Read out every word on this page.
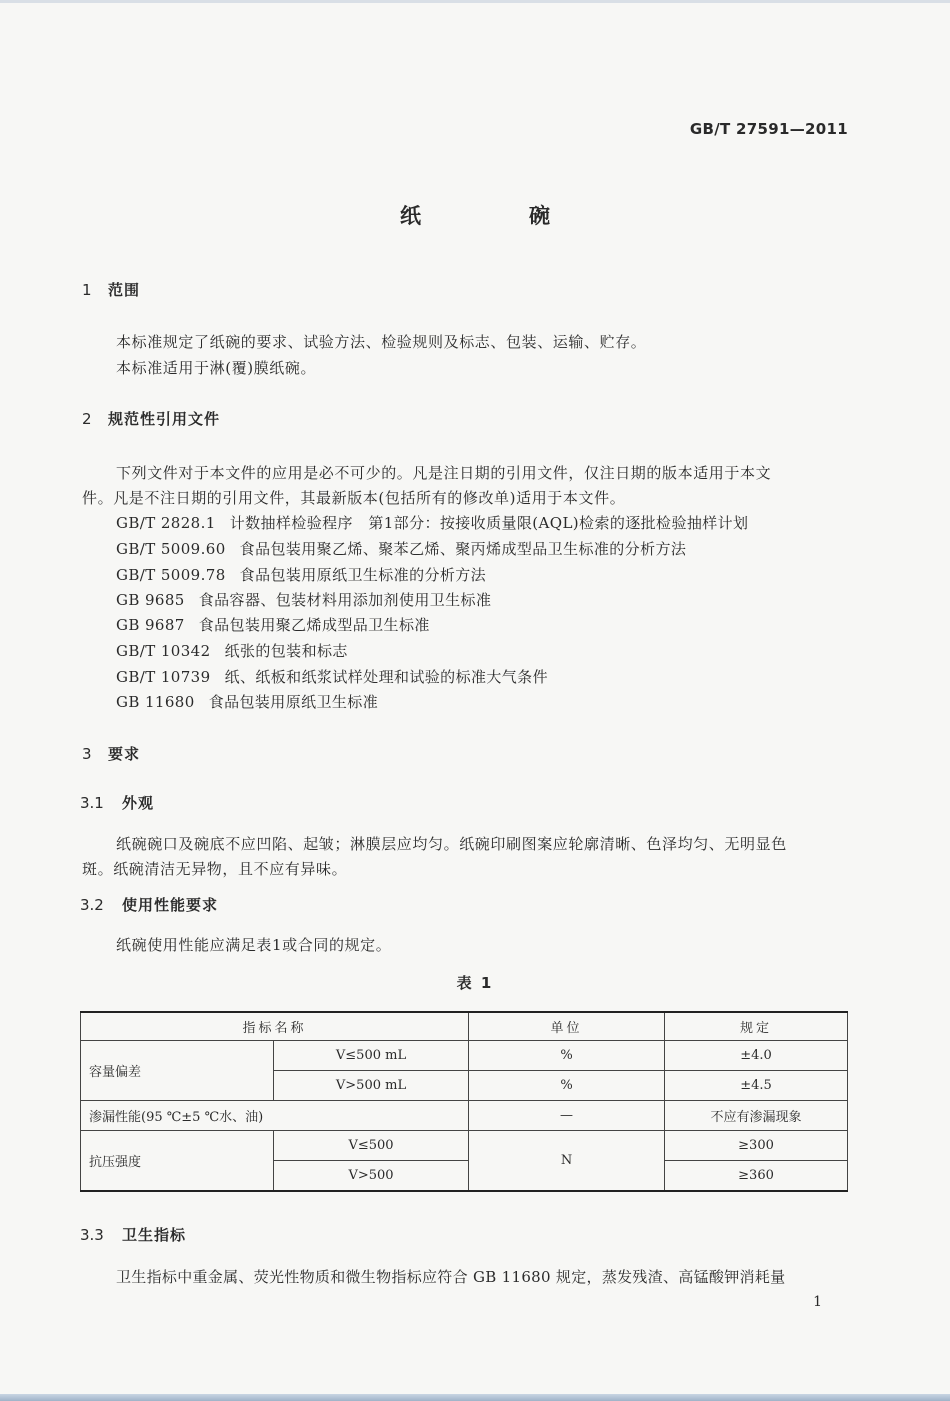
GB/T 27591—2011
纸碗
1 范围
本标准规定了纸碗的要求、试验方法、检验规则及标志、包装、运输、贮存。
本标准适用于淋(覆)膜纸碗。
2 规范性引用文件
下列文件对于本文件的应用是必不可少的。凡是注日期的引用文件，仅注日期的版本适用于本文
件。凡是不注日期的引用文件，其最新版本(包括所有的修改单)适用于本文件。
GB/T 2828.1 计数抽样检验程序　第1部分：按接收质量限(AQL)检索的逐批检验抽样计划
GB/T 5009.60 食品包装用聚乙烯、聚苯乙烯、聚丙烯成型品卫生标准的分析方法
GB/T 5009.78 食品包装用原纸卫生标准的分析方法
GB 9685 食品容器、包装材料用添加剂使用卫生标准
GB 9687 食品包装用聚乙烯成型品卫生标准
GB/T 10342 纸张的包装和标志
GB/T 10739 纸、纸板和纸浆试样处理和试验的标准大气条件
GB 11680 食品包装用原纸卫生标准
3 要求
3.1 外观
纸碗碗口及碗底不应凹陷、起皱；淋膜层应均匀。纸碗印刷图案应轮廓清晰、色泽均匀、无明显色
斑。纸碗清洁无异物，且不应有异味。
3.2 使用性能要求
纸碗使用性能应满足表1或合同的规定。
表 1
指标名称		单位	规定
容量偏差	V≤500 mL	%	±4.0
	V>500 mL	%	±4.5
渗漏性能(95 ℃±5 ℃水、油)		—	不应有渗漏现象
抗压强度	V≤500	N	≥300
	V>500		≥360
3.3 卫生指标
卫生指标中重金属、荧光性物质和微生物指标应符合 GB 11680 规定，蒸发残渣、高锰酸钾消耗量
1
